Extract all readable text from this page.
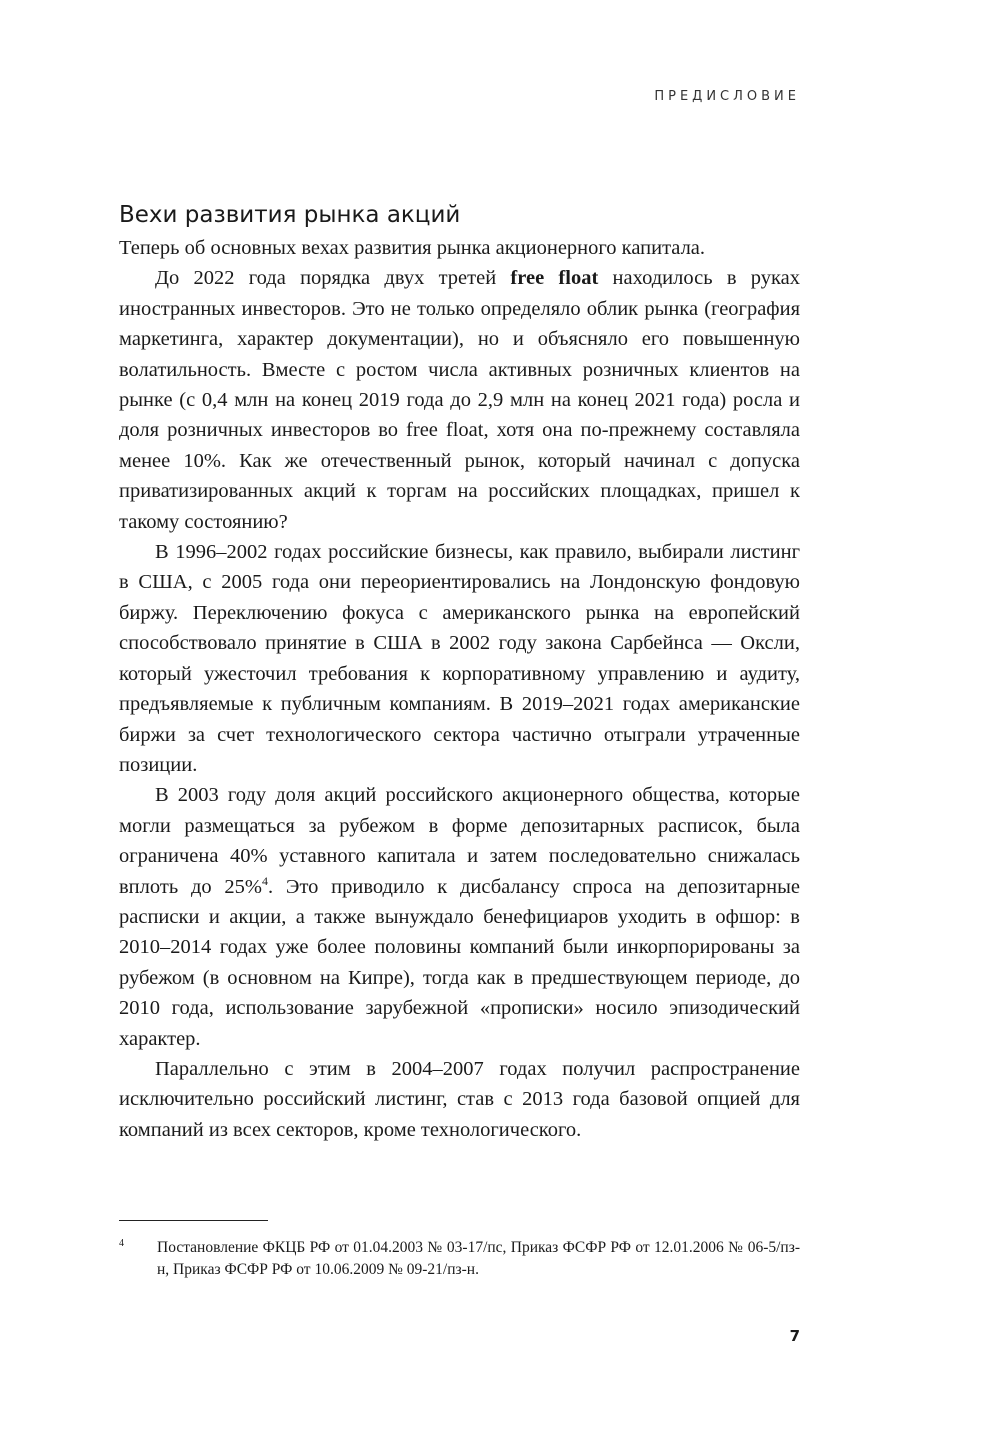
ПРЕДИСЛОВИЕ
Вехи развития рынка акций

Теперь об основных вехах развития рынка акционерного капитала.

До 2022 года порядка двух третей free float находилось в руках иностранных инвесторов. Это не только определяло облик рынка (география маркетинга, характер документации), но и объясняло его повышенную волатильность. Вместе с ростом числа активных розничных клиентов на рынке (с 0,4 млн на конец 2019 года до 2,9 млн на конец 2021 года) росла и доля розничных инвесторов во free float, хотя она по-прежнему составляла менее 10%. Как же отечественный рынок, который начинал с допуска приватизированных акций к торгам на российских площадках, пришел к такому состоянию?

В 1996–2002 годах российские бизнесы, как правило, выбирали листинг в США, с 2005 года они переориентировались на Лондонскую фондовую биржу. Переключению фокуса с американского рынка на европейский способствовало принятие в США в 2002 году закона Сарбейнса — Оксли, который ужесточил требования к корпоративному управлению и аудиту, предъявляемые к публичным компаниям. В 2019–2021 годах американские биржи за счет технологического сектора частично отыграли утраченные позиции.

В 2003 году доля акций российского акционерного общества, которые могли размещаться за рубежом в форме депозитарных расписок, была ограничена 40% уставного капитала и затем последовательно снижалась вплоть до 25%$^4$. Это приводило к дисбалансу спроса на депозитарные расписки и акции, а также вынуждало бенефициаров уходить в офшор: в 2010–2014 годах уже более половины компаний были инкорпорированы за рубежом (в основном на Кипре), тогда как в предшествующем периоде, до 2010 года, использование зарубежной «прописки» носило эпизодический характер.

Параллельно с этим в 2004–2007 годах получил распространение исключительно российский листинг, став с 2013 года базовой опцией для компаний из всех секторов, кроме технологического.

4 Постановление ФКЦБ РФ от 01.04.2003 № 03-17/пс, Приказ ФСФР РФ от 12.01.2006 № 06-5/пз-н, Приказ ФСФР РФ от 10.06.2009 № 09-21/пз-н.
7
